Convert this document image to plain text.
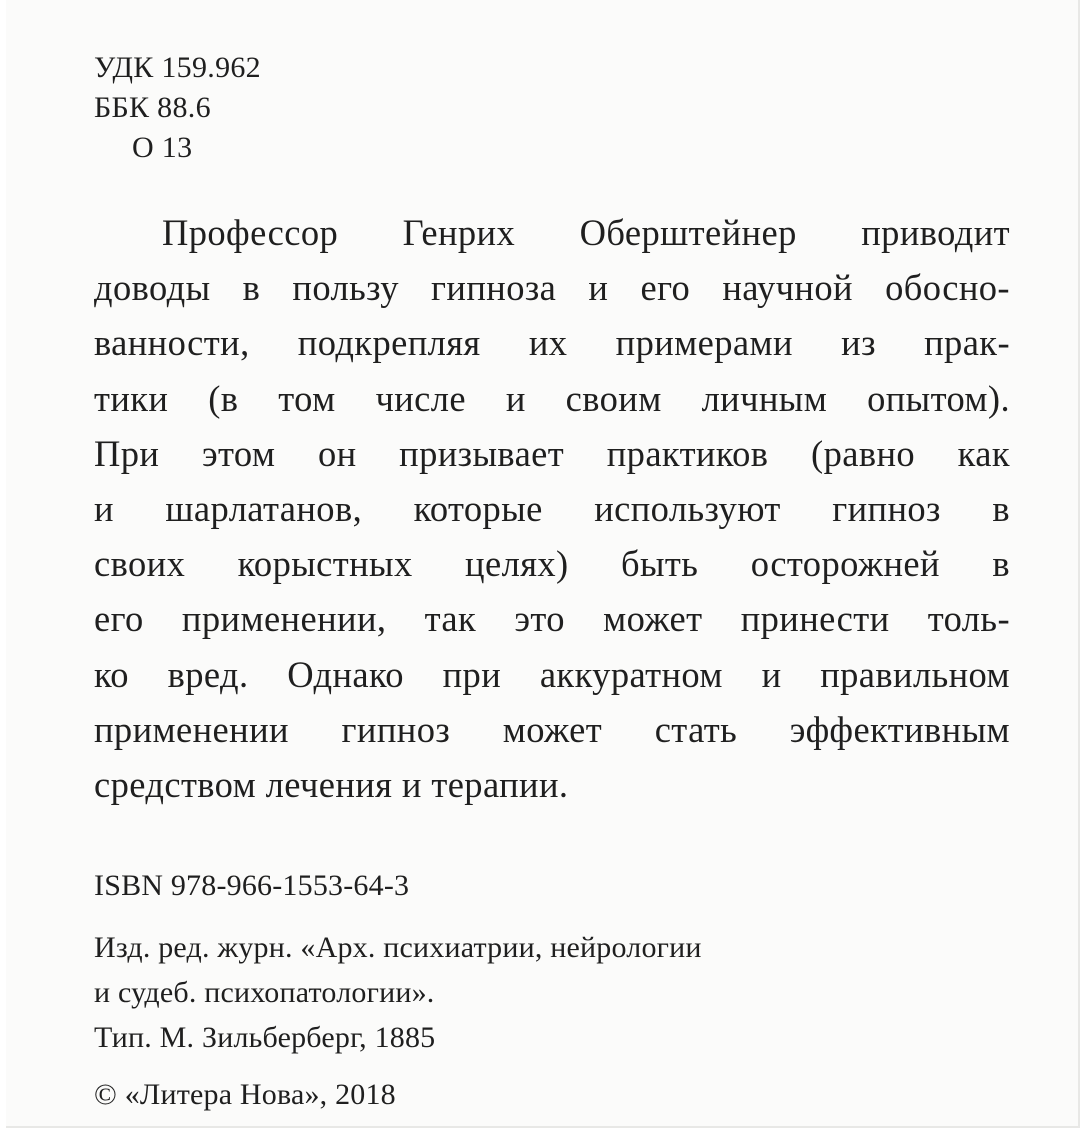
УДК 159.962
ББК 88.6
О 13
Профессор Генрих Оберштейнер приводит
доводы в пользу гипноза и его научной обосно-
ванности, подкрепляя их примерами из прак-
тики (в том числе и своим личным опытом).
При этом он призывает практиков (равно как
и шарлатанов, которые используют гипноз в
своих корыстных целях) быть осторожней в
его применении, так это может принести толь-
ко вред. Однако при аккуратном и правильном
применении гипноз может стать эффективным
средством лечения и терапии.
ISBN 978-966-1553-64-3
Изд. ред. журн. «Арх. психиатрии, нейрологии
и судеб. психопатологии».
Тип. М. Зильберберг, 1885
© «Литера Нова», 2018
